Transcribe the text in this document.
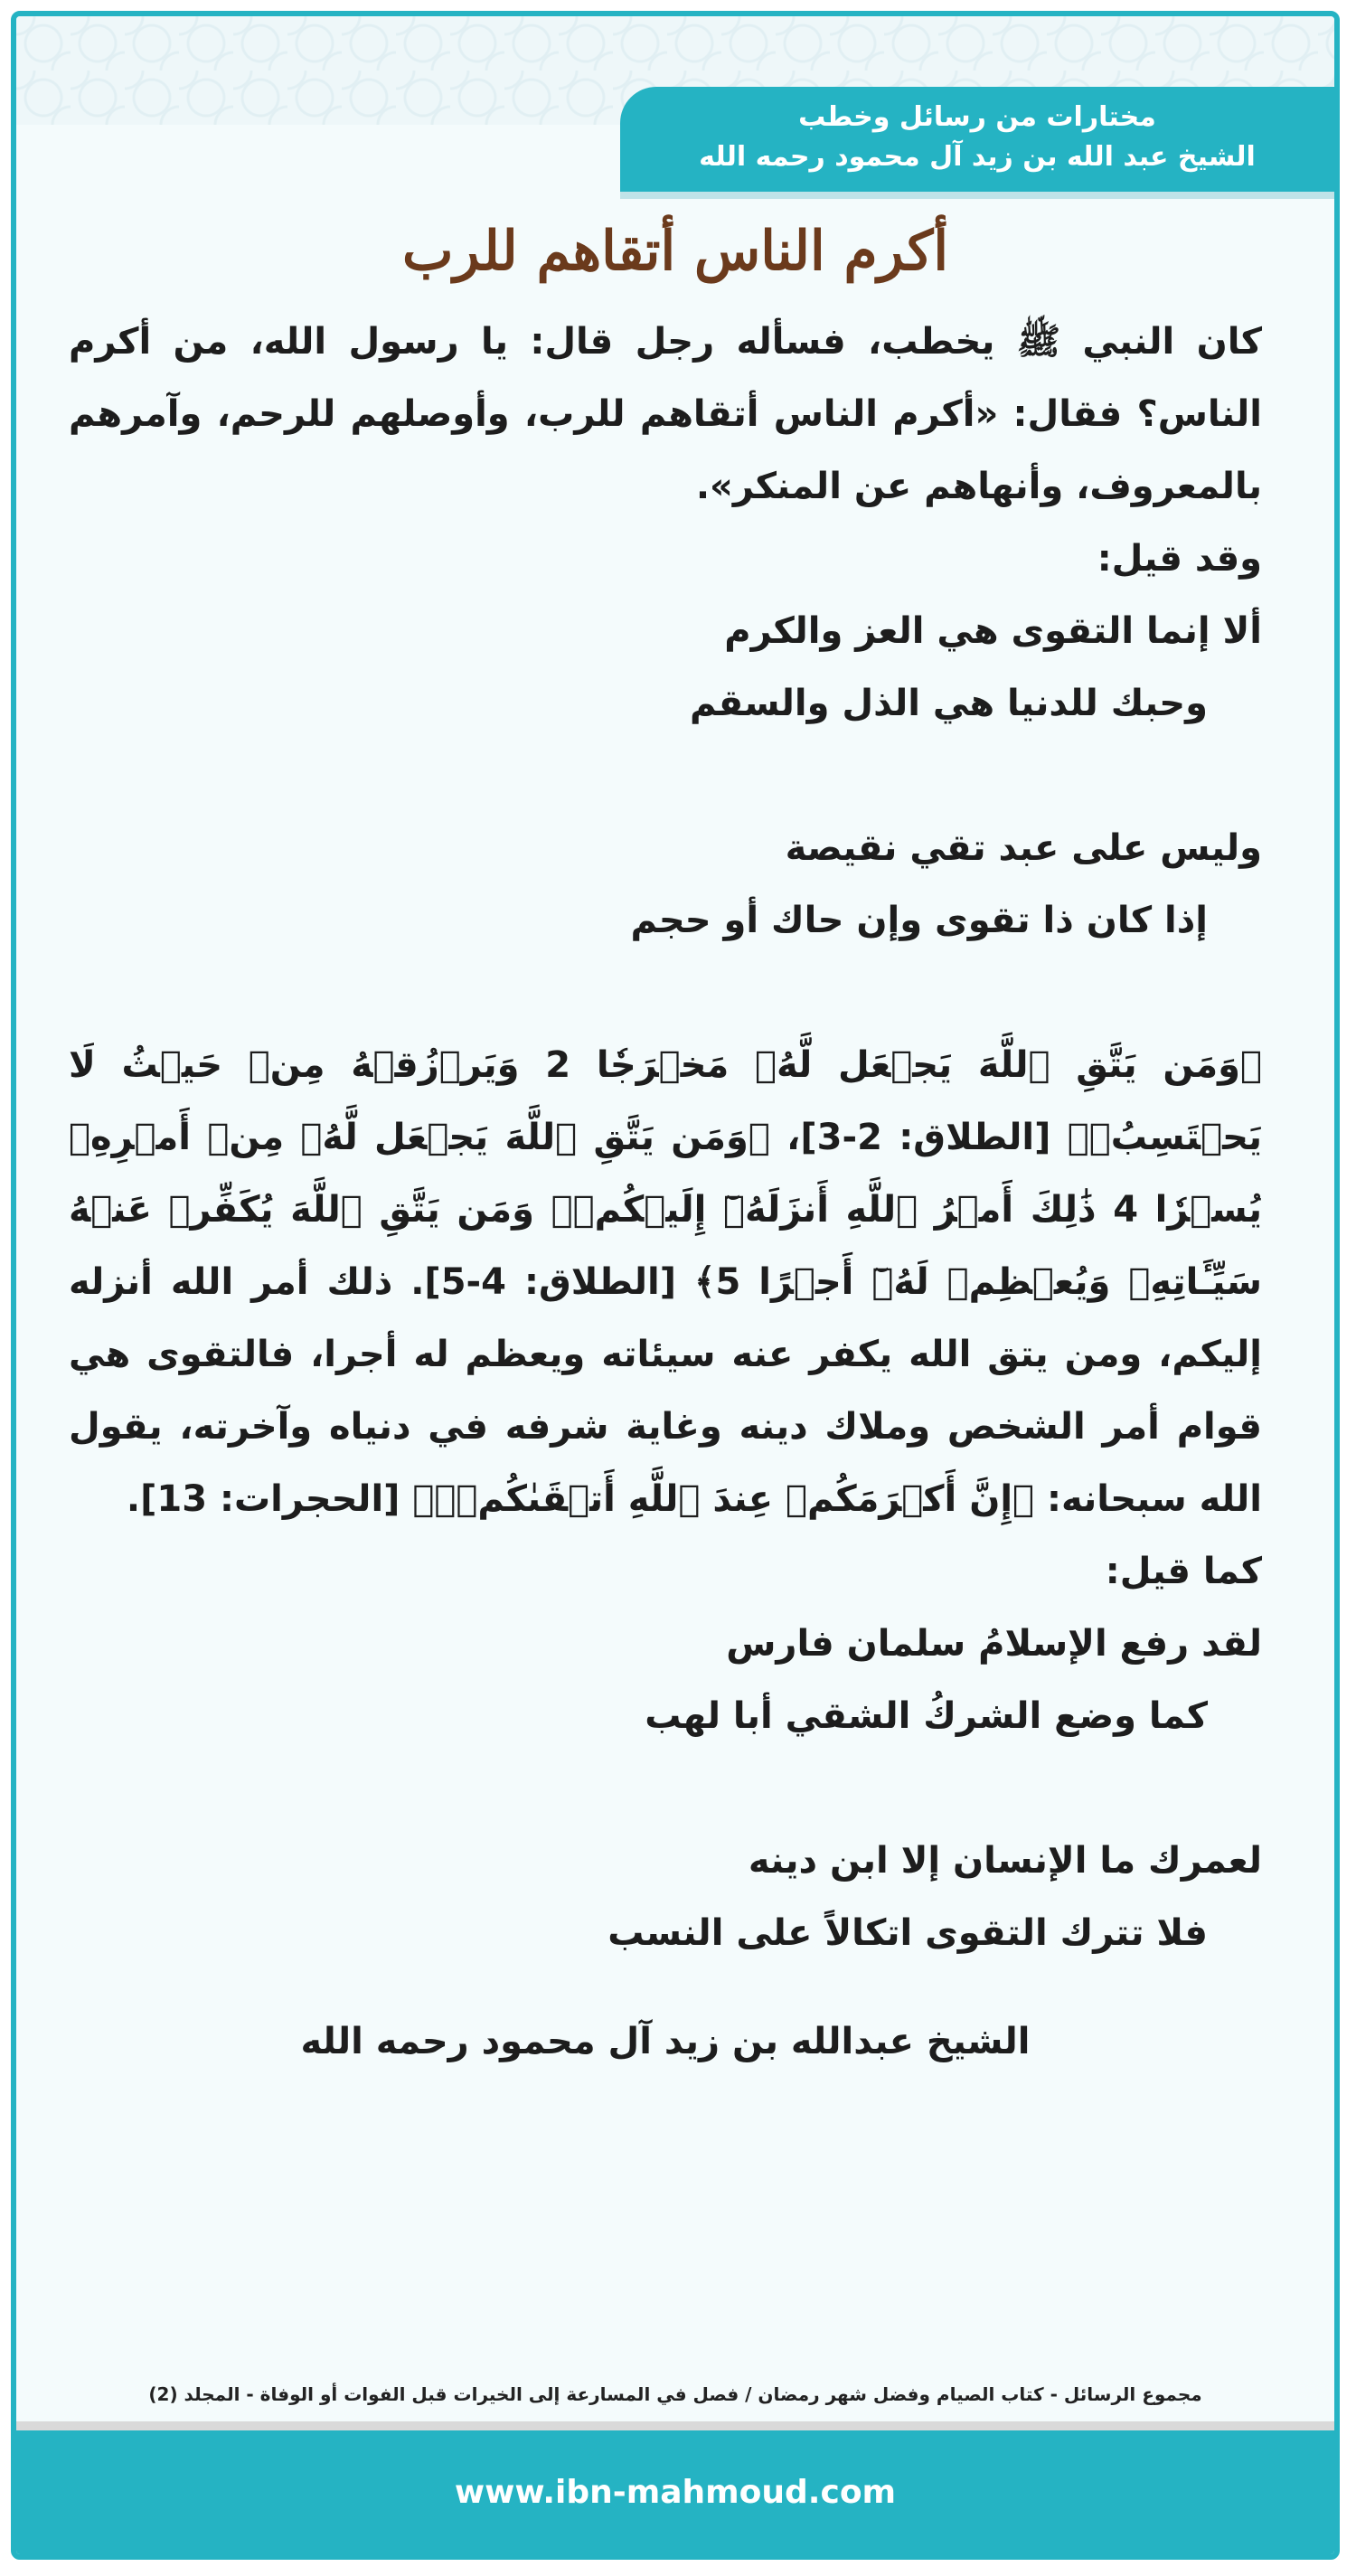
مختارات من رسائل وخطب
الشيخ عبد الله بن زيد آل محمود رحمه الله
أكرم الناس أتقاهم للرب

كان النبي ﷺ يخطب، فسأله رجل قال: يا رسول الله، من أكرم الناس؟ فقال: «أكرم الناس أتقاهم للرب، وأوصلهم للرحم، وآمرهم بالمعروف، وأنهاهم عن المنكر».

وقد قيل:

ألا إنما التقوى هي العز والكرم
وحبك للدنيا هي الذل والسقم
وليس على عبد تقي نقيصة
إذا كان ذا تقوى وإن حاك أو حجم

﴿وَمَن يَتَّقِ ٱللَّهَ يَجۡعَل لَّهُۥ مَخۡرَجٗا 2 وَيَرۡزُقۡهُ مِنۡ حَيۡثُ لَا يَحۡتَسِبُۚ﴾ [الطلاق: 2-3]، ﴿وَمَن يَتَّقِ ٱللَّهَ يَجۡعَل لَّهُۥ مِنۡ أَمۡرِهِۦ يُسۡرٗا 4 ذَٰلِكَ أَمۡرُ ٱللَّهِ أَنزَلَهُۥٓ إِلَيۡكُمۡۚ وَمَن يَتَّقِ ٱللَّهَ يُكَفِّرۡ عَنۡهُ سَيِّـَٔاتِهِۦ وَيُعۡظِمۡ لَهُۥٓ أَجۡرًا 5﴾ [الطلاق: 4-5]. ذلك أمر الله أنزله إليكم، ومن يتق الله يكفر عنه سيئاته ويعظم له أجرا، فالتقوى هي قوام أمر الشخص وملاك دينه وغاية شرفه في دنياه وآخرته، يقول الله سبحانه: ﴿إِنَّ أَكۡرَمَكُمۡ عِندَ ٱللَّهِ أَتۡقَىٰكُمۡۚ﴾ [الحجرات: 13].

كما قيل:

لقد رفع الإسلامُ سلمان فارس
كما وضع الشركُ الشقي أبا لهب
لعمرك ما الإنسان إلا ابن دينه
فلا تترك التقوى اتكالاً على النسب
الشيخ عبدالله بن زيد آل محمود رحمه الله
مجموع الرسائل - كتاب الصيام وفضل شهر رمضان / فصل في المسارعة إلى الخيرات قبل الفوات أو الوفاة - المجلد (2)
www.ibn-mahmoud.com
